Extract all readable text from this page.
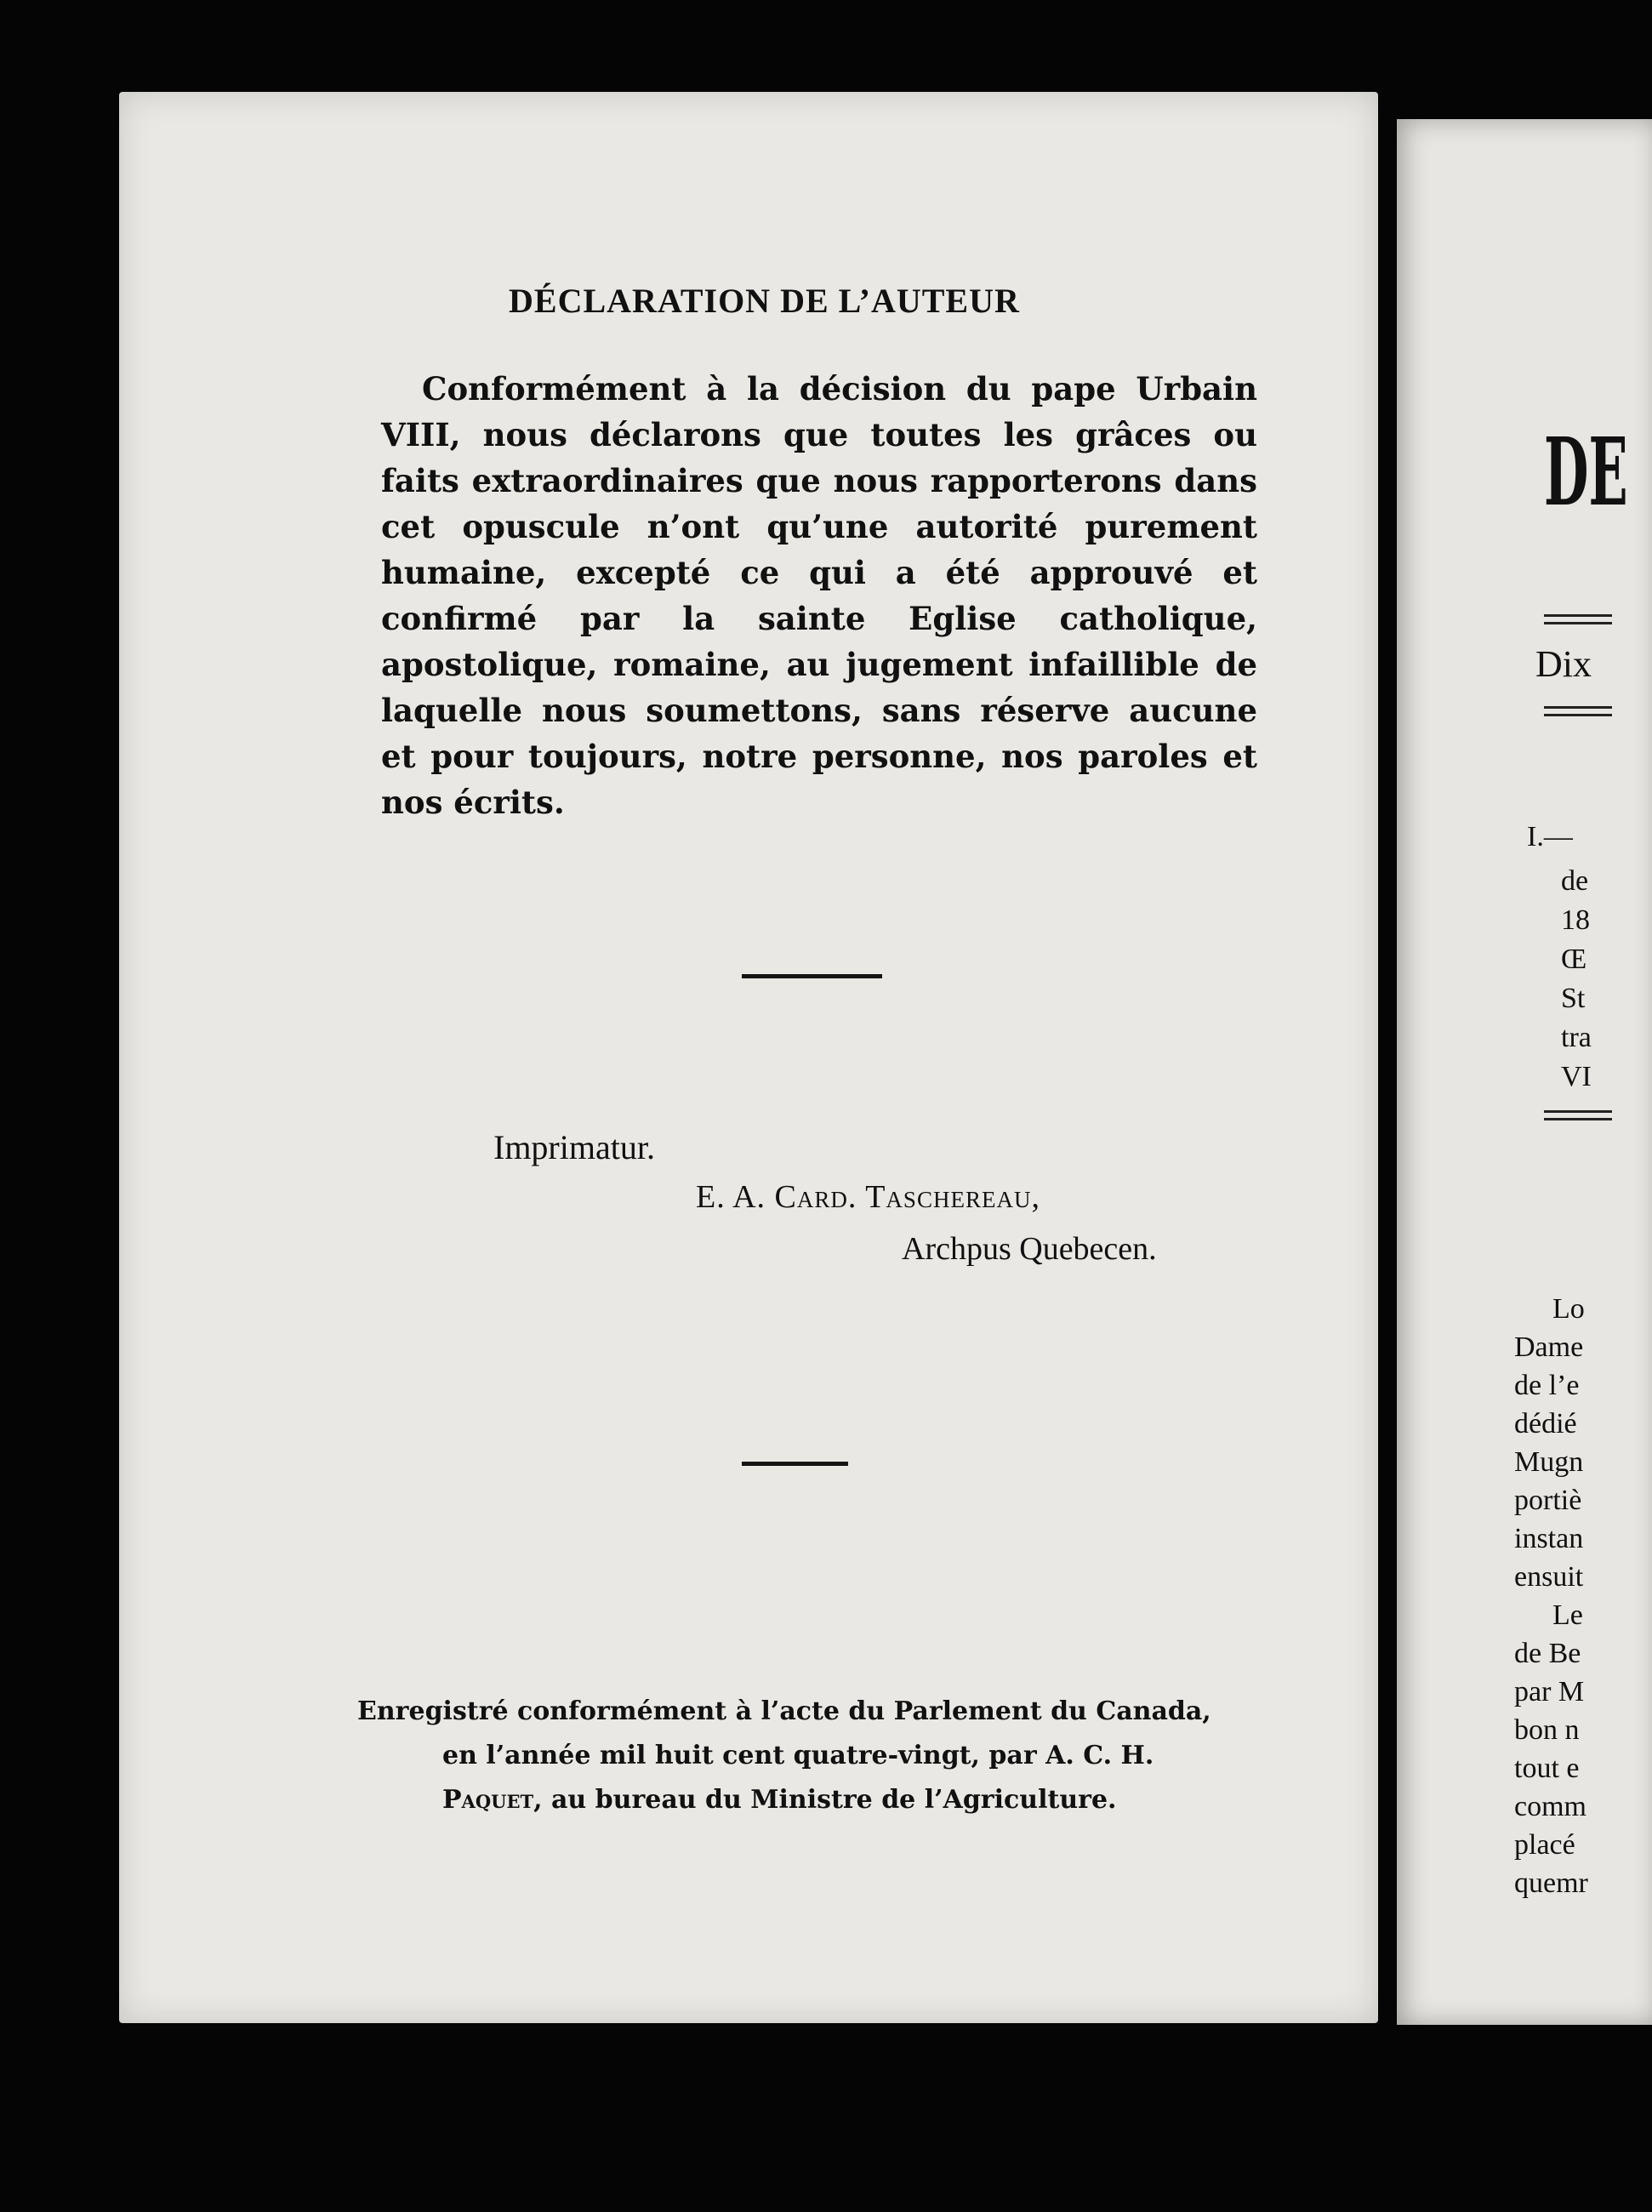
DÉCLARATION DE L’AUTEUR

Conformément à la décision du pape Urbain VIII, nous déclarons que toutes les grâces ou faits extraordinaires que nous rapporterons dans cet opuscule n’ont qu’une autorité purement humaine, excepté ce qui a été approuvé et confirmé par la sainte Eglise catholique, apostolique, romaine, au jugement infaillible de laquelle nous soumettons, sans réserve aucune et pour toujours, notre personne, nos paroles et nos écrits.

Imprimatur.
E. A. Card. Taschereau,
Archpus Quebecen.
Enregistré conformément à l’acte du Parlement du Canada,
en l’année mil huit cent quatre-vingt, par A. C. H.
Paquet, au bureau du Ministre de l’Agriculture.
DE
Dix
I.—
de
18
Œ
St
tra
VI
Lo
Dame
de l’e
dédié
Mugn
portiè
instan
ensuit
Le
de Be
par M
bon n
tout e
comm
placé
quemr
